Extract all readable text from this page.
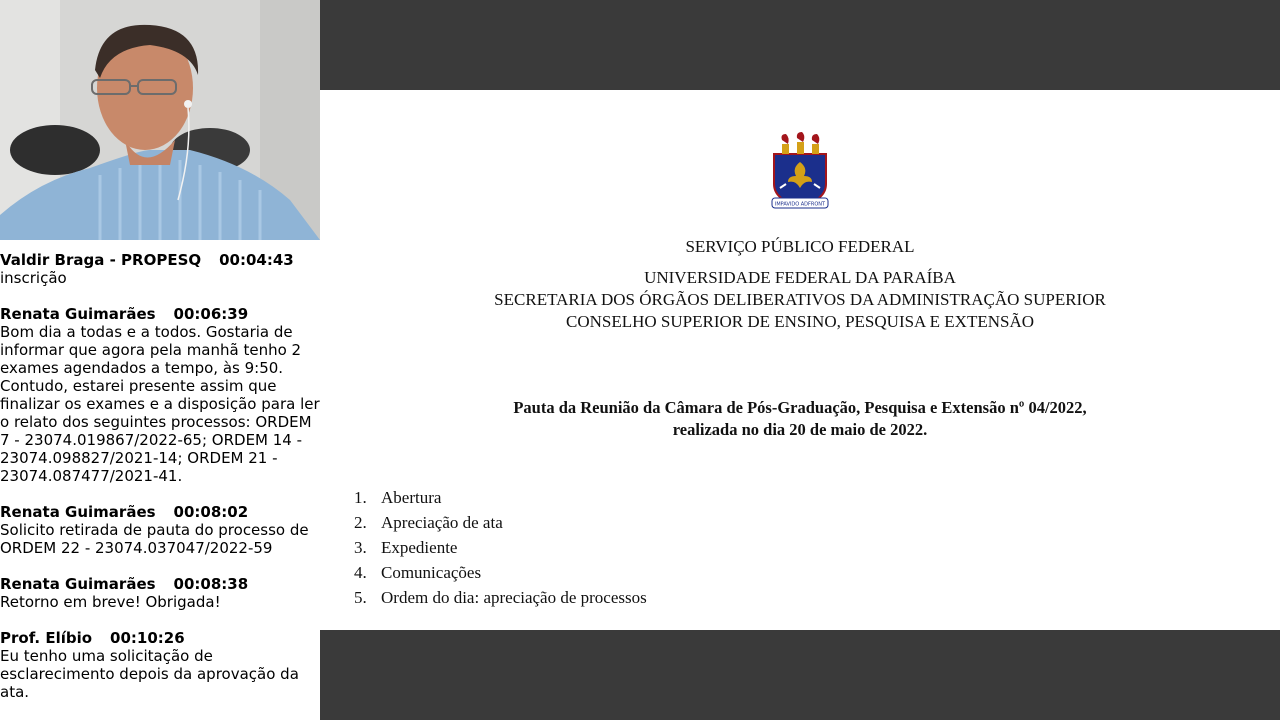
Valdir Braga - PROPESQ 00:04:43
inscrição
Renata Guimarães 00:06:39
Bom dia a todas e a todos. Gostaria de informar que agora pela manhã tenho 2 exames agendados a tempo, às 9:50. Contudo, estarei presente assim que finalizar os exames e a disposição para ler o relato dos seguintes processos: ORDEM 7 - 23074.019867/2022-65; ORDEM 14 - 23074.098827/2021-14; ORDEM 21 - 23074.087477/2021-41.
Renata Guimarães 00:08:02
Solicito retirada de pauta do processo de ORDEM 22 - 23074.037047/2022-59
Renata Guimarães 00:08:38
Retorno em breve! Obrigada!
Prof. Elíbio 00:10:26
Eu tenho uma solicitação de esclarecimento depois da aprovação da ata.
IMPAVIDO ADFRONT
SERVIÇO PÚBLICO FEDERAL
UNIVERSIDADE FEDERAL DA PARAÍBA
SECRETARIA DOS ÓRGÃOS DELIBERATIVOS DA ADMINISTRAÇÃO SUPERIOR
CONSELHO SUPERIOR DE ENSINO, PESQUISA E EXTENSÃO
Pauta da Reunião da Câmara de Pós-Graduação, Pesquisa e Extensão nº 04/2022,
realizada no dia 20 de maio de 2022.
1. Abertura
2. Apreciação de ata
3. Expediente
4. Comunicações
5. Ordem do dia: apreciação de processos
